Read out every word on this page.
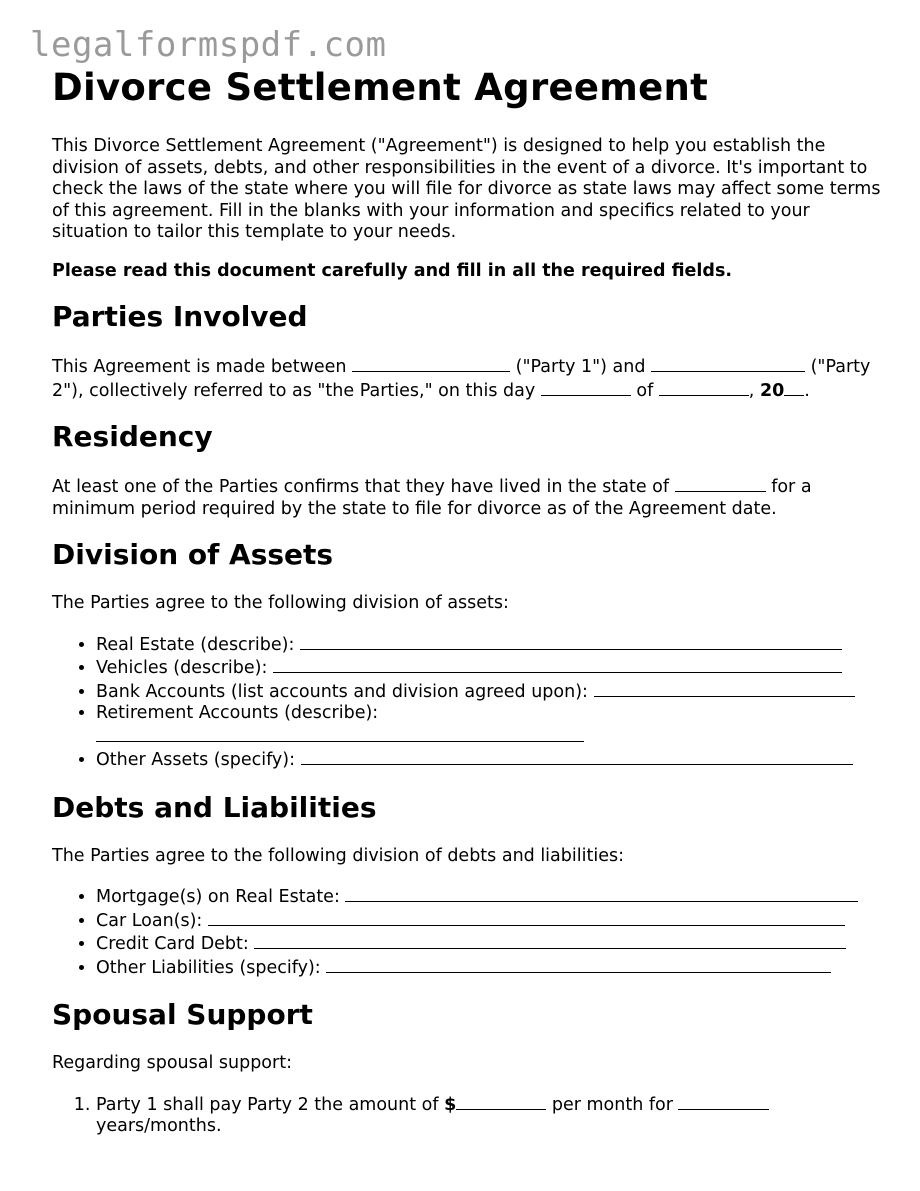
legalformspdf.com
Divorce Settlement Agreement

This Divorce Settlement Agreement ("Agreement") is designed to help you establish the division of assets, debts, and other responsibilities in the event of a divorce. It's important to check the laws of the state where you will file for divorce as state laws may affect some terms of this agreement. Fill in the blanks with your information and specifics related to your situation to tailor this template to your needs.

Please read this document carefully and fill in all the required fields.

Parties Involved

This Agreement is made between	("Party 1") and	("Party 2"), collectively referred to as "the Parties," on this day	of	, 20 .

Residency

At least one of the Parties confirms that they have lived in the state of	for a minimum period required by the state to file for divorce as of the Agreement date.

Division of Assets

The Parties agree to the following division of assets:

• Real Estate (describe):
• Vehicles (describe):
• Bank Accounts (list accounts and division agreed upon):
• Retirement Accounts (describe):

• Other Assets (specify):
Debts and Liabilities

The Parties agree to the following division of debts and liabilities:

• Mortgage(s) on Real Estate:
• Car Loan(s):
• Credit Card Debt:
• Other Liabilities (specify):
Spousal Support

Regarding spousal support:

1. Party 1 shall pay Party 2 the amount of $	per month for  years/months.
